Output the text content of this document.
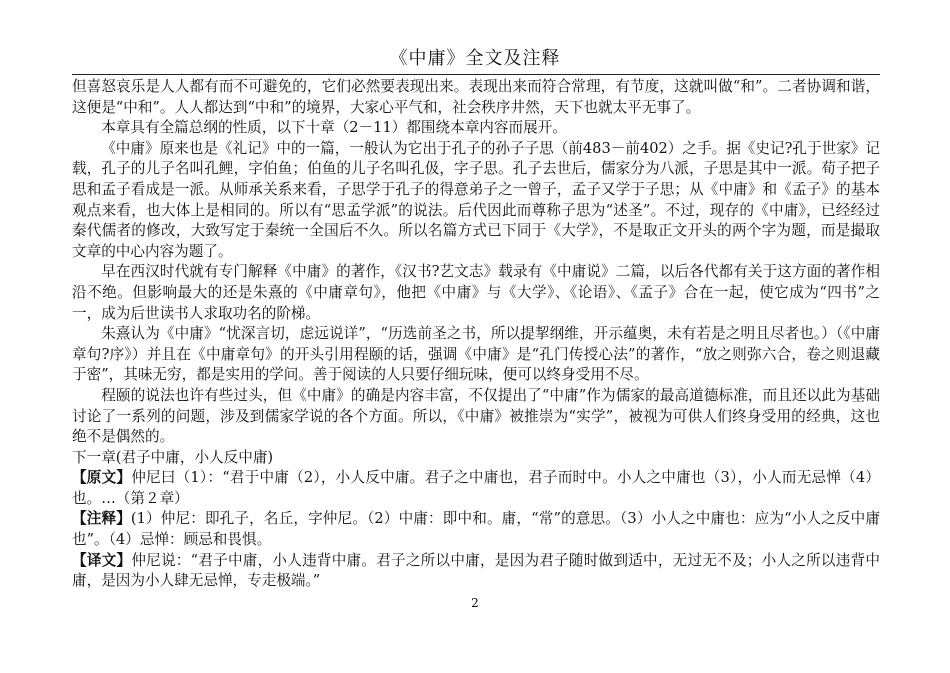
《中庸》全文及注释

但喜怒哀乐是人人都有而不可避免的，它们必然要表现出来。表现出来而符合常理，有节度，这就叫做“和”。二者协调和谐，这便是“中和”。人人都达到“中和”的境界，大家心平气和，社会秩序井然，天下也就太平无事了。

本章具有全篇总纲的性质，以下十章（2－11）都围绕本章内容而展开。

《中庸》原来也是《礼记》中的一篇，一般认为它出于孔子的孙子子思（前483－前402）之手。据《史记?孔于世家》记载，孔子的儿子名叫孔鲤，字伯鱼；伯鱼的儿子名叫孔伋，字子思。孔子去世后，儒家分为八派，子思是其中一派。荀子把子思和孟子看成是一派。从师承关系来看，子思学于孔子的得意弟子之一曾子，孟子又学于子思；从《中庸》和《孟子》的基本观点来看，也大体上是相同的。所以有“思孟学派”的说法。后代因此而尊称子思为“述圣”。不过，现存的《中庸》，已经经过秦代儒者的修改，大致写定于秦统一全国后不久。所以名篇方式已下同于《大学》，不是取正文开头的两个字为题，而是撮取文章的中心内容为题了。

早在西汉时代就有专门解释《中庸》的著作，《汉书?艺文志》载录有《中庸说》二篇，以后各代都有关于这方面的著作相沿不绝。但影响最大的还是朱熹的《中庸章句》，他把《中庸》与《大学》、《论语》、《孟子》合在一起，使它成为“四书”之一，成为后世读书人求取功名的阶梯。

朱熹认为《中庸》“忧深言切，虑远说详”，“历选前圣之书，所以提挈纲维，开示蕴奥，未有若是之明且尽者也。）（《中庸章句?序》）并且在《中庸章句》的开头引用程颐的话，强调《中庸》是“孔门传授心法”的著作，“放之则弥六合，卷之则退藏于密”，其味无穷，都是实用的学问。善于阅读的人只要仔细玩味，便可以终身受用不尽。

程颐的说法也许有些过头，但《中庸》的确是内容丰富，不仅提出了“中庸”作为儒家的最高道德标准，而且还以此为基础讨论了一系列的问题，涉及到儒家学说的各个方面。所以，《中庸》被推崇为“实学”，被视为可供人们终身受用的经典，这也绝不是偶然的。

下一章(君子中庸，小人反中庸)

【原文】仲尼曰（1）：“君于中庸（2），小人反中庸。君子之中庸也，君子而时中。小人之中庸也（3），小人而无忌惮（4）也。…（第２章）

【注释】(1）仲尼：即孔子，名丘，字仲尼。（2）中庸：即中和。庸，“常”的意思。（3）小人之中庸也：应为“小人之反中庸也”。（4）忌惮：顾忌和畏惧。

【译文】仲尼说：“君子中庸，小人违背中庸。君子之所以中庸，是因为君子随时做到适中，无过无不及；小人之所以违背中庸，是因为小人肆无忌惮，专走极端。”

2
